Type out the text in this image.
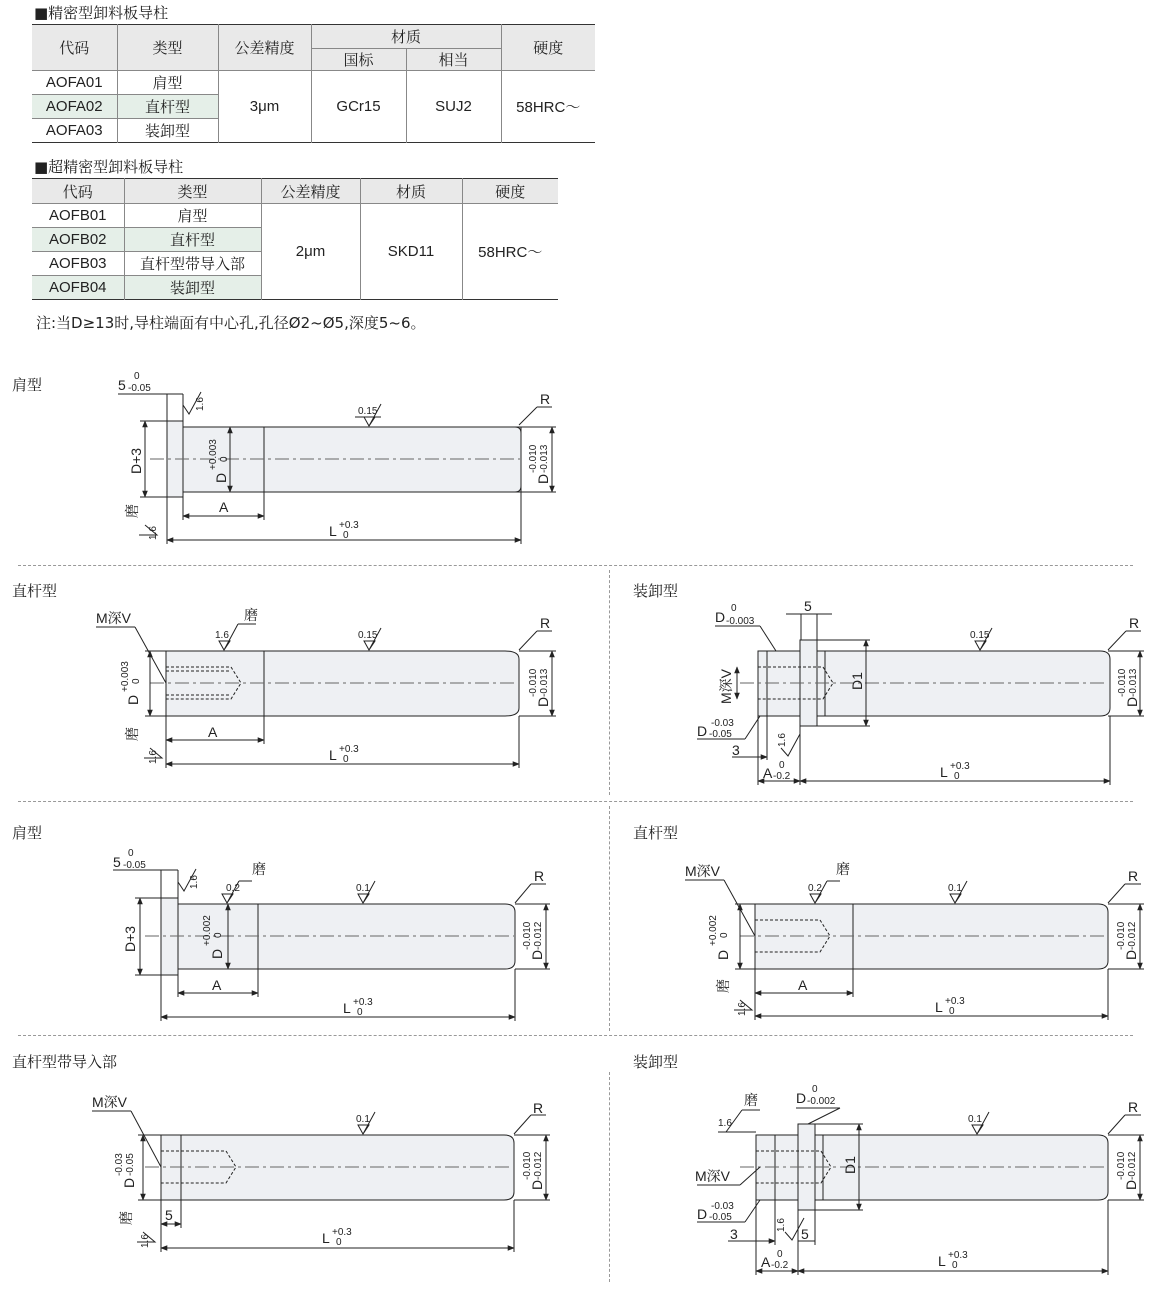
■精密型卸料板导柱
代码	类型	公差精度	材质		硬度
			国标	相当	
AOFA01	肩型	3μm	GCr15	SUJ2	58HRC～
AOFA02	直杆型				
AOFA03	装卸型				
■超精密型卸料板导柱
代码	类型	公差精度	材质	硬度
AOFB01	肩型	2μm	SKD11	58HRC～
AOFB02	直杆型			
AOFB03	直杆型带导入部			
AOFB04	装卸型			
注:当D≥13时,导柱端面有中心孔,孔径Ø2~Ø5,深度5~6。
肩型
直杆型	装卸型
肩型	直杆型
直杆型带导入部	装卸型
5
0
-0.05
D+3
D
+0.003 0
D
-0.010 -0.013
R
A
L +0.3
0
1.6
0.15
磨
1.6
M深V	磨
1.6	0.15
D
+0.003 0
D
-0.010 -0.013
R
A
L +0.3
0
磨
1.6
5
D
0
-0.003
M深V	D1
D -0.03
-0.05
3
1.6
A 0
-0.2
0.15
D
-0.010 -0.013
R
L +0.3
0
5
0
-0.05
D+3
D
+0.002 0
D
-0.010 -0.012
R
A
L +0.3
0
1.6	0.2
磨
0.1
M深V	磨
0.2	0.1
D
+0.002 0
D
-0.010 -0.012
R
A
L +0.3
0
磨
1.6
M深V
0.1
D
-0.03 -0.05
D
-0.010 -0.012
R
5
L +0.3
0
磨
1.6
磨
1.6
D
0
-0.002
D1
M深V
D -0.03
-0.05
3
1.6
5
A 0
-0.2
0.1
D
-0.010 -0.012
R
L +0.3
0
